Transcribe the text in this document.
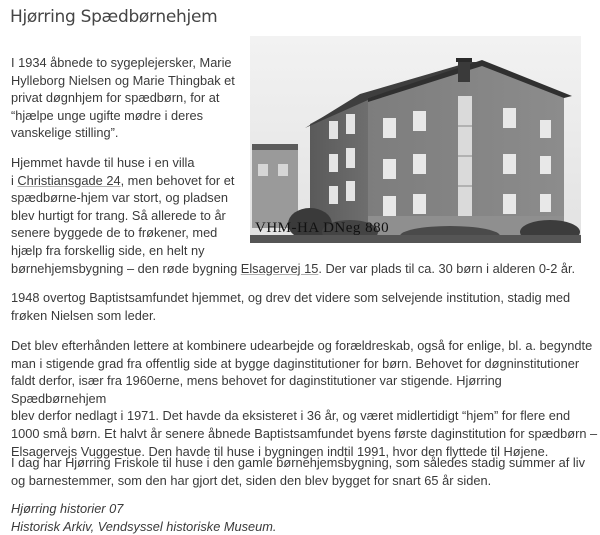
Hjørring Spædbørnehjem
VHM-HA DNeg 880

I 1934 åbnede to sygeplejersker, Marie
Hylleborg Nielsen og Marie Thingbak et
privat døgnhjem for spædbørn, for at
“hjælpe unge ugifte mødre i deres
vanskelige stilling”.

Hjemmet havde til huse i en villa
i Christiansgade 24, men behovet for et
spædbørne-hjem var stort, og pladsen
blev hurtigt for trang. Så allerede to år
senere byggede de to frøkener, med
hjælp fra forskellig side, en helt ny
børnehjemsbygning – den røde bygning Elsagervej 15. Der var plads til ca. 30 børn i alderen 0-2 år.

1948 overtog Baptistsamfundet hjemmet, og drev det videre som selvejende institution, stadig med
frøken Nielsen som leder.

Det blev efterhånden lettere at kombinere udearbejde og forældreskab, også for enlige, bl. a. begyndte
man i stigende grad fra offentlig side at bygge daginstitutioner for børn. Behovet for døgninstitutioner
faldt derfor, især fra 1960erne, mens behovet for daginstitutioner var stigende. Hjørring Spædbørnehjem
blev derfor nedlagt i 1971. Det havde da eksisteret i 36 år, og været midlertidigt “hjem” for flere end
1000 små børn. Et halvt år senere åbnede Baptistsamfundet byens første daginstitution for spædbørn –
Elsagervejs Vuggestue. Den havde til huse i bygningen indtil 1991, hvor den flyttede til Højene.

I dag har Hjørring Friskole til huse i den gamle børnehjemsbygning, som således stadig summer af liv
og barnestemmer, som den har gjort det, siden den blev bygget for snart 65 år siden.

Hjørring historier 07
Historisk Arkiv, Vendsyssel historiske Museum.
